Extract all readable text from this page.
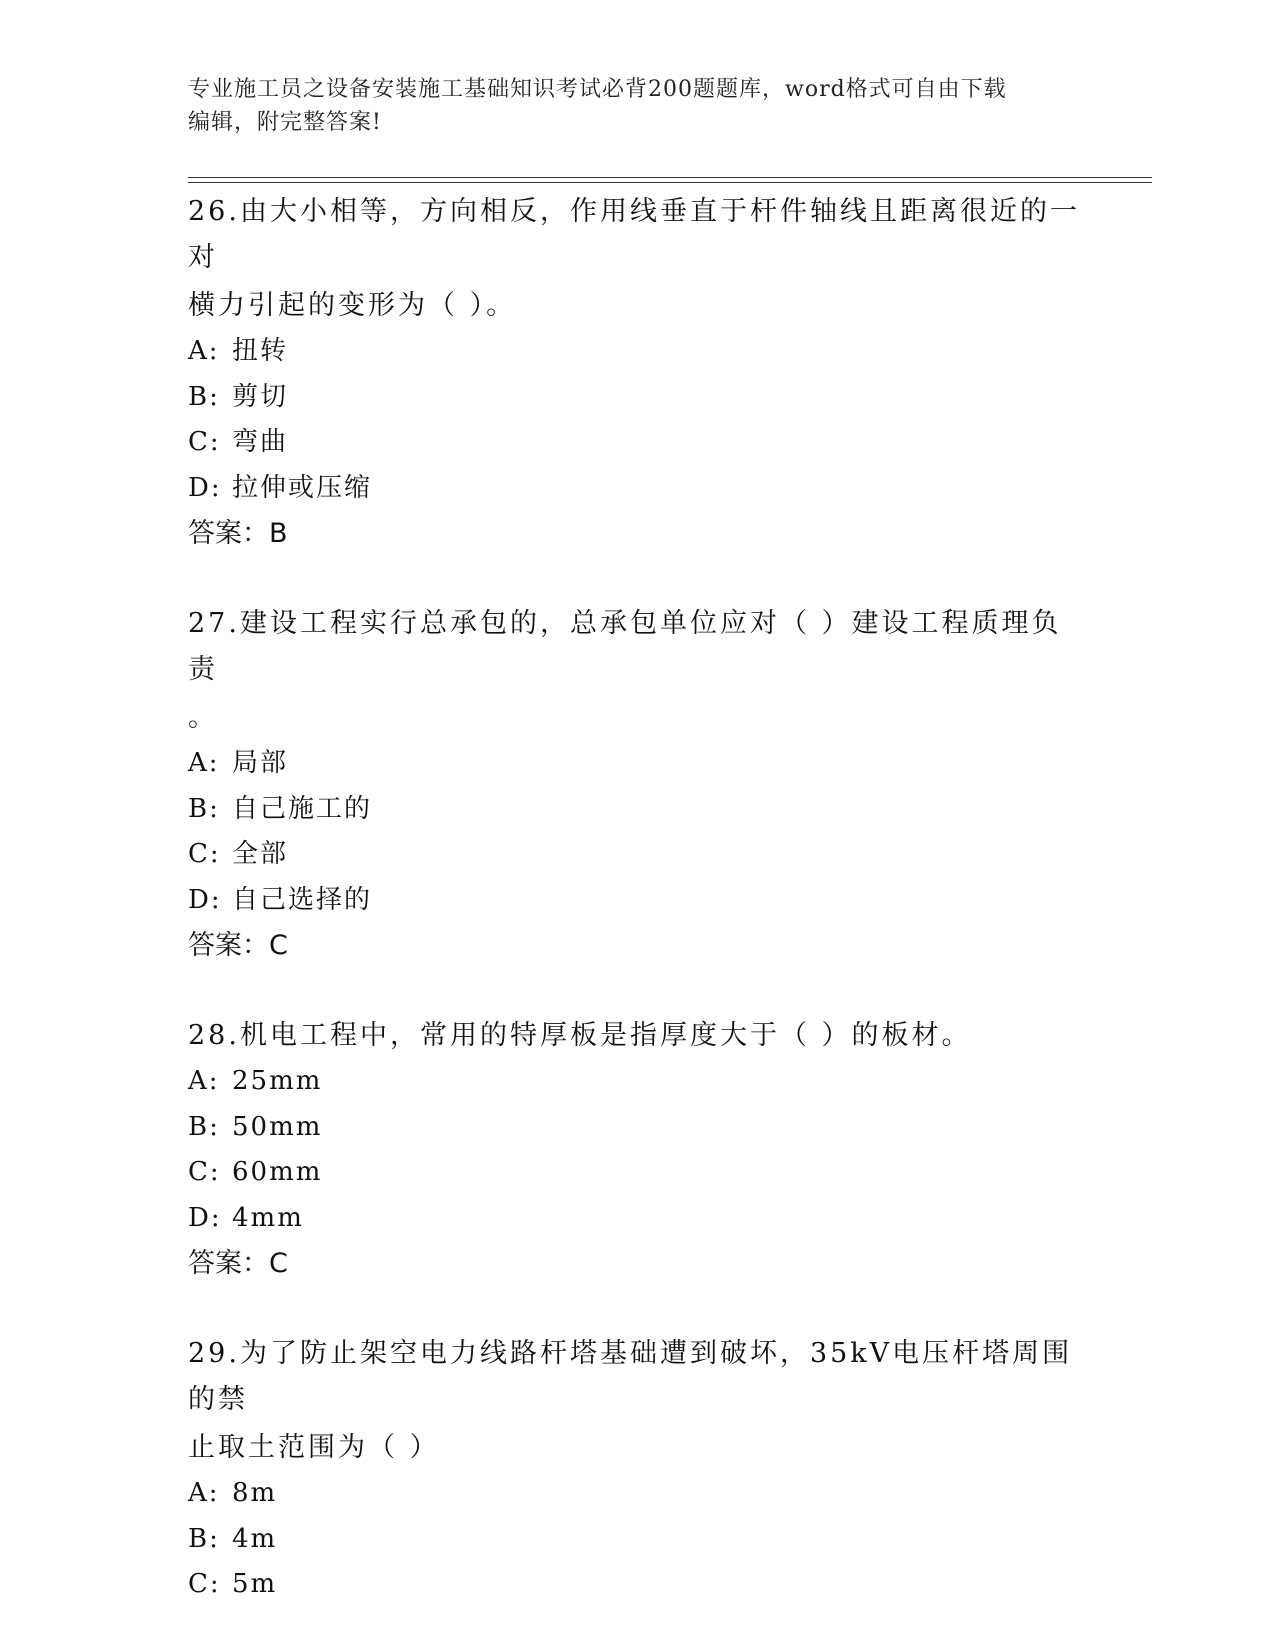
专业施工员之设备安装施工基础知识考试必背200题题库，word格式可自由下载
编辑，附完整答案!

26.由大小相等，方向相反，作用线垂直于杆件轴线且距离很近的一对

横力引起的变形为（ ）。

A: 扭转

B: 剪切

C: 弯曲

D: 拉伸或压缩

答案：B

27.建设工程实行总承包的，总承包单位应对（ ）建设工程质理负责

。

A: 局部

B: 自己施工的

C: 全部

D: 自己选择的

答案：C

28.机电工程中，常用的特厚板是指厚度大于（ ）的板材。

A: 25mm

B: 50mm

C: 60mm

D: 4mm

答案：C

29.为了防止架空电力线路杆塔基础遭到破坏，35kV电压杆塔周围的禁

止取土范围为（ ）

A: 8m

B: 4m

C: 5m
